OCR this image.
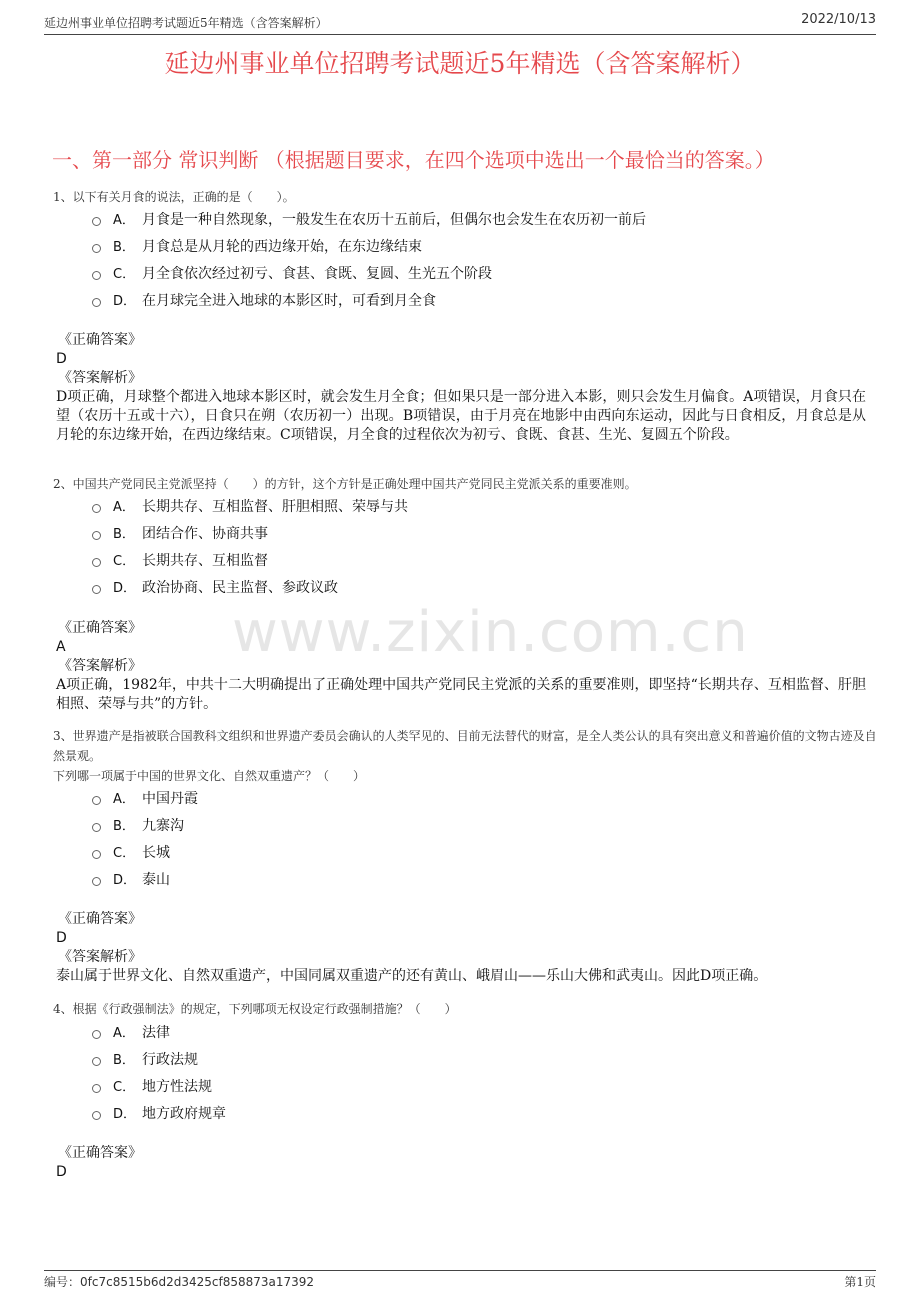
延边州事业单位招聘考试题近5年精选（含答案解析）	2022/10/13
延边州事业单位招聘考试题近5年精选（含答案解析）
一、第一部分 常识判断 （根据题目要求，在四个选项中选出一个最恰当的答案。）
www.zixin.com.cn
1、以下有关月食的说法，正确的是（　　）。
A． 月食是一种自然现象，一般发生在农历十五前后，但偶尔也会发生在农历初一前后
B． 月食总是从月轮的西边缘开始，在东边缘结束
C． 月全食依次经过初亏、食甚、食既、复圆、生光五个阶段
D． 在月球完全进入地球的本影区时，可看到月全食
《正确答案》
D
《答案解析》
D项正确，月球整个都进入地球本影区时，就会发生月全食；但如果只是一部分进入本影，则只会发生月偏食。A项错误，月食只在望（农历十五或十六），日食只在朔（农历初一）出现。B项错误，由于月亮在地影中由西向东运动，因此与日食相反，月食总是从月轮的东边缘开始，在西边缘结束。C项错误，月全食的过程依次为初亏、食既、食甚、生光、复圆五个阶段。
2、中国共产党同民主党派坚持（　　）的方针，这个方针是正确处理中国共产党同民主党派关系的重要准则。
A． 长期共存、互相监督、肝胆相照、荣辱与共
B． 团结合作、协商共事
C． 长期共存、互相监督
D． 政治协商、民主监督、参政议政
《正确答案》
A
《答案解析》
A项正确，1982年，中共十二大明确提出了正确处理中国共产党同民主党派的关系的重要准则，即坚持“长期共存、互相监督、肝胆相照、荣辱与共”的方针。
3、世界遗产是指被联合国教科文组织和世界遗产委员会确认的人类罕见的、目前无法替代的财富，是全人类公认的具有突出意义和普遍价值的文物古迹及自然景观。
下列哪一项属于中国的世界文化、自然双重遗产？（　　）
A． 中国丹霞
B． 九寨沟
C． 长城
D． 泰山
《正确答案》
D
《答案解析》
泰山属于世界文化、自然双重遗产，中国同属双重遗产的还有黄山、峨眉山——乐山大佛和武夷山。因此D项正确。
4、根据《行政强制法》的规定，下列哪项无权设定行政强制措施？（　　）
A． 法律
B． 行政法规
C． 地方性法规
D． 地方政府规章
《正确答案》
D
编号：0fc7c8515b6d2d3425cf858873a17392	第1页
